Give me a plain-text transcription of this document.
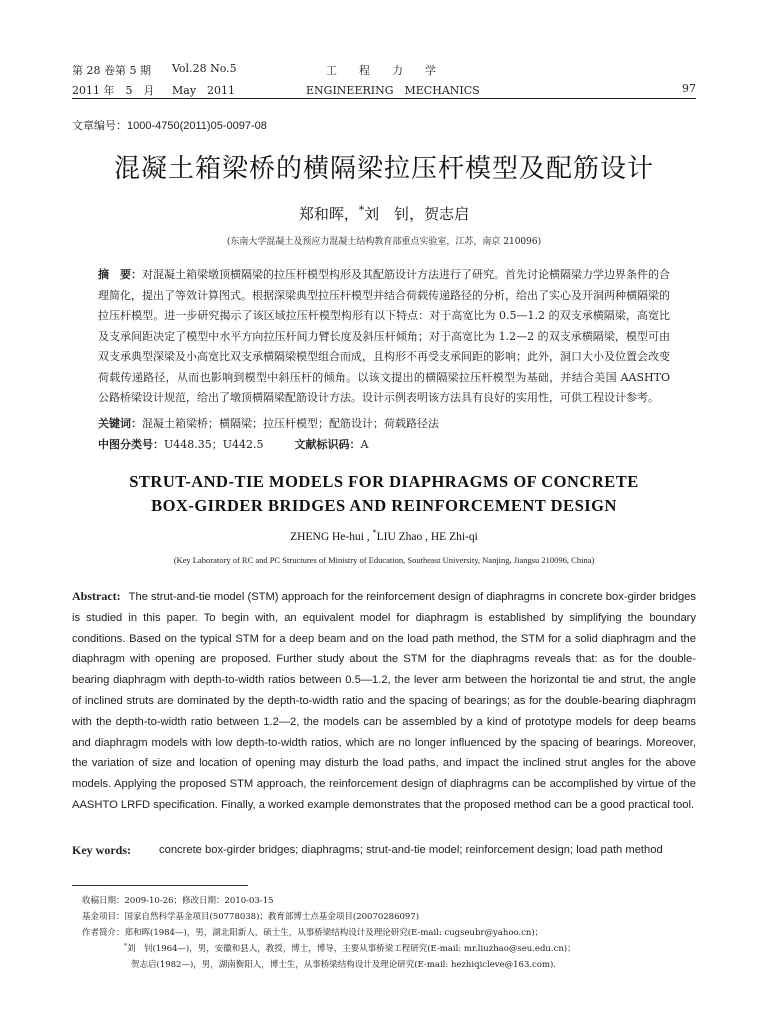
第 28 卷第 5 期 Vol.28 No.5	工　　程　　力　　学
2011 年　5　月 May　2011	ENGINEERING　MECHANICS	97
文章编号：1000-4750(2011)05-0097-08
混凝土箱梁桥的横隔梁拉压杆模型及配筋设计
郑和晖，*刘　钊，贺志启
(东南大学混凝土及预应力混凝土结构教育部重点实验室，江苏，南京 210096)
摘　要：对混凝土箱梁墩顶横隔梁的拉压杆模型构形及其配筋设计方法进行了研究。首先讨论横隔梁力学边界条件的合理简化，提出了等效计算图式。根据深梁典型拉压杆模型并结合荷载传递路径的分析，给出了实心及开洞两种横隔梁的拉压杆模型。进一步研究揭示了该区域拉压杆模型构形有以下特点：对于高宽比为 0.5—1.2 的双支承横隔梁，高宽比及支承间距决定了模型中水平方向拉压杆间力臂长度及斜压杆倾角；对于高宽比为 1.2—2 的双支承横隔梁，模型可由双支承典型深梁及小高宽比双支承横隔梁模型组合而成，且构形不再受支承间距的影响；此外，洞口大小及位置会改变荷载传递路径，从而也影响到模型中斜压杆的倾角。以该文提出的横隔梁拉压杆模型为基础，并结合美国 AASHTO 公路桥梁设计规范，给出了墩顶横隔梁配筋设计方法。设计示例表明该方法具有良好的实用性，可供工程设计参考。
关键词：混凝土箱梁桥；横隔梁；拉压杆模型；配筋设计；荷载路径法
中图分类号：U448.35；U442.5	文献标识码：A
STRUT-AND-TIE MODELS FOR DIAPHRAGMS OF CONCRETE
BOX-GIRDER BRIDGES AND REINFORCEMENT DESIGN
ZHENG He-hui , *LIU Zhao , HE Zhi-qi
(Key Laboratory of RC and PC Structures of Ministry of Education, Southeast University, Nanjing, Jiangsu 210096, China)
Abstract: The strut-and-tie model (STM) approach for the reinforcement design of diaphragms in concrete box-girder bridges is studied in this paper. To begin with, an equivalent model for diaphragm is established by simplifying the boundary conditions. Based on the typical STM for a deep beam and on the load path method, the STM for a solid diaphragm and the diaphragm with opening are proposed. Further study about the STM for the diaphragms reveals that: as for the double-bearing diaphragm with depth-to-width ratios between 0.5—1.2, the lever arm between the horizontal tie and strut, the angle of inclined struts are dominated by the depth-to-width ratio and the spacing of bearings; as for the double-bearing diaphragm with the depth-to-width ratio between 1.2—2, the models can be assembled by a kind of prototype models for deep beams and diaphragm models with low depth-to-width ratios, which are no longer influenced by the spacing of bearings. Moreover, the variation of size and location of opening may disturb the load paths, and impact the inclined strut angles for the above models. Applying the proposed STM approach, the reinforcement design of diaphragms can be accomplished by virtue of the AASHTO LRFD specification. Finally, a worked example demonstrates that the proposed method can be a good practical tool.
Key words:	concrete box-girder bridges; diaphragms; strut-and-tie model; reinforcement design; load path method
收稿日期：2009-10-26；修改日期：2010-03-15
基金项目：国家自然科学基金项目(50778038)；教育部博士点基金项目(20070286097)
作者简介：郑和晖(1984—)，男，湖北阳新人，硕士生，从事桥梁结构设计及理论研究(E-mail: cugseubr@yahoo.cn)；
*刘　钊(1964—)，男，安徽和县人，教授，博士，博导，主要从事桥梁工程研究(E-mail: mr.liuzhao@seu.edu.cn)；
贺志启(1982—)，男，湖南衡阳人，博士生，从事桥梁结构设计及理论研究(E-mail: hezhiqicleve@163.com).
